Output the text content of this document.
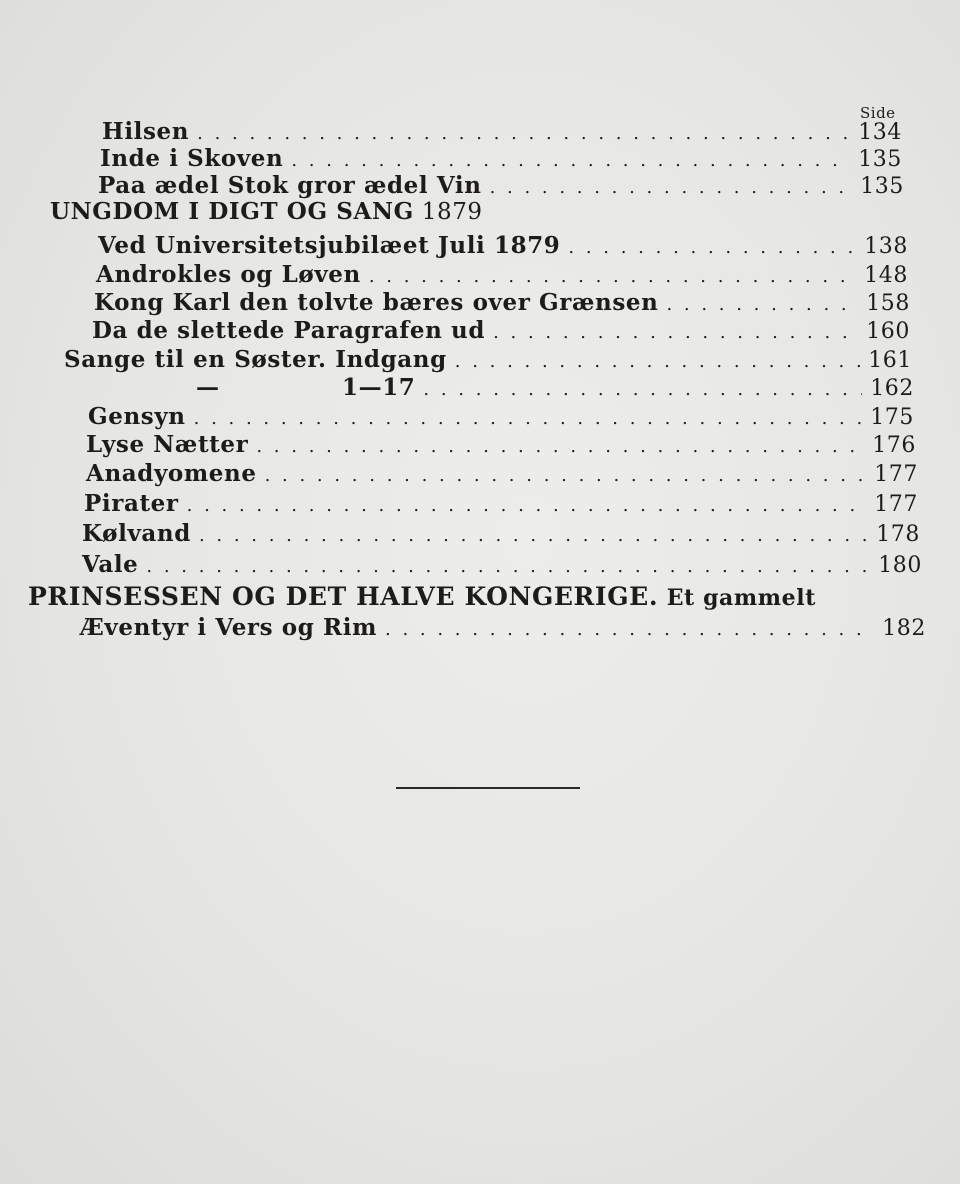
Side
Hilsen . . .	134
Inde i Skoven . . .	135
Paa ædel Stok gror ædel Vin . . .	135
UNGDOM I DIGT OG SANG 1879
Ved Universitetsjubilæet Juli 1879 . . .	138
Androkles og Løven . . .	148
Kong Karl den tolvte bæres over Grænsen . . .	158
Da de slettede Paragrafen ud . . .	160
Sange til en Søster. Indgang . . .	161
—	1—17 . . .	162
Gensyn . . .	175
Lyse Nætter . . .	176
Anadyomene . . .	177
Pirater . . .	177
Kølvand . . .	178
Vale . . .	180
PRINSESSEN OG DET HALVE KONGERIGE. Et gammelt
Æventyr i Vers og Rim . . .	182
